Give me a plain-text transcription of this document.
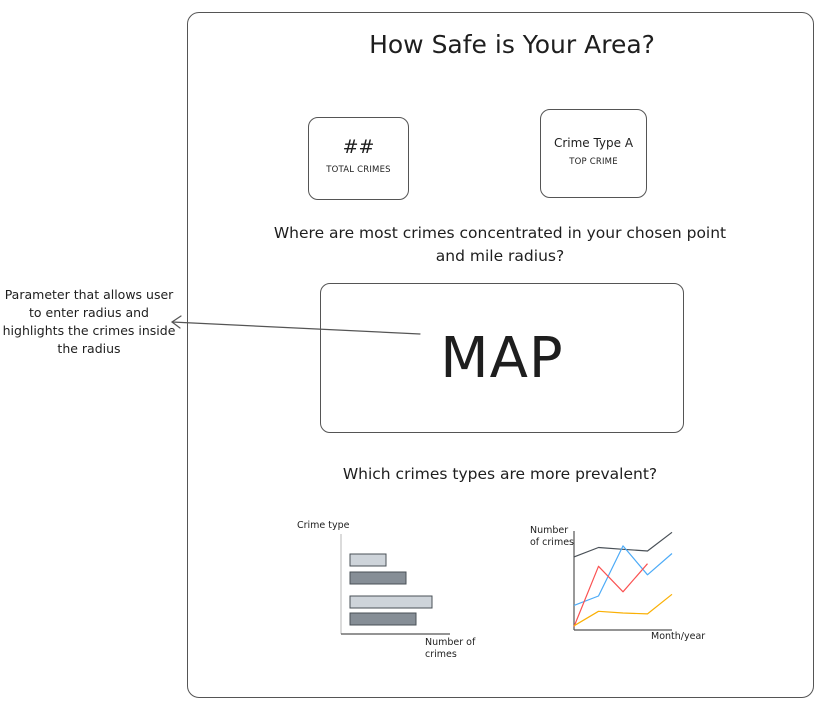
How Safe is Your Area?
##
TOTAL CRIMES
Crime Type A
TOP CRIME
Where are most crimes concentrated in your chosen point and mile radius?
MAP
Parameter that allows user to enter radius and highlights the crimes inside the radius
Which crimes types are more prevalent?
Crime type
Number of crimes
Number of crimes
Month/year
